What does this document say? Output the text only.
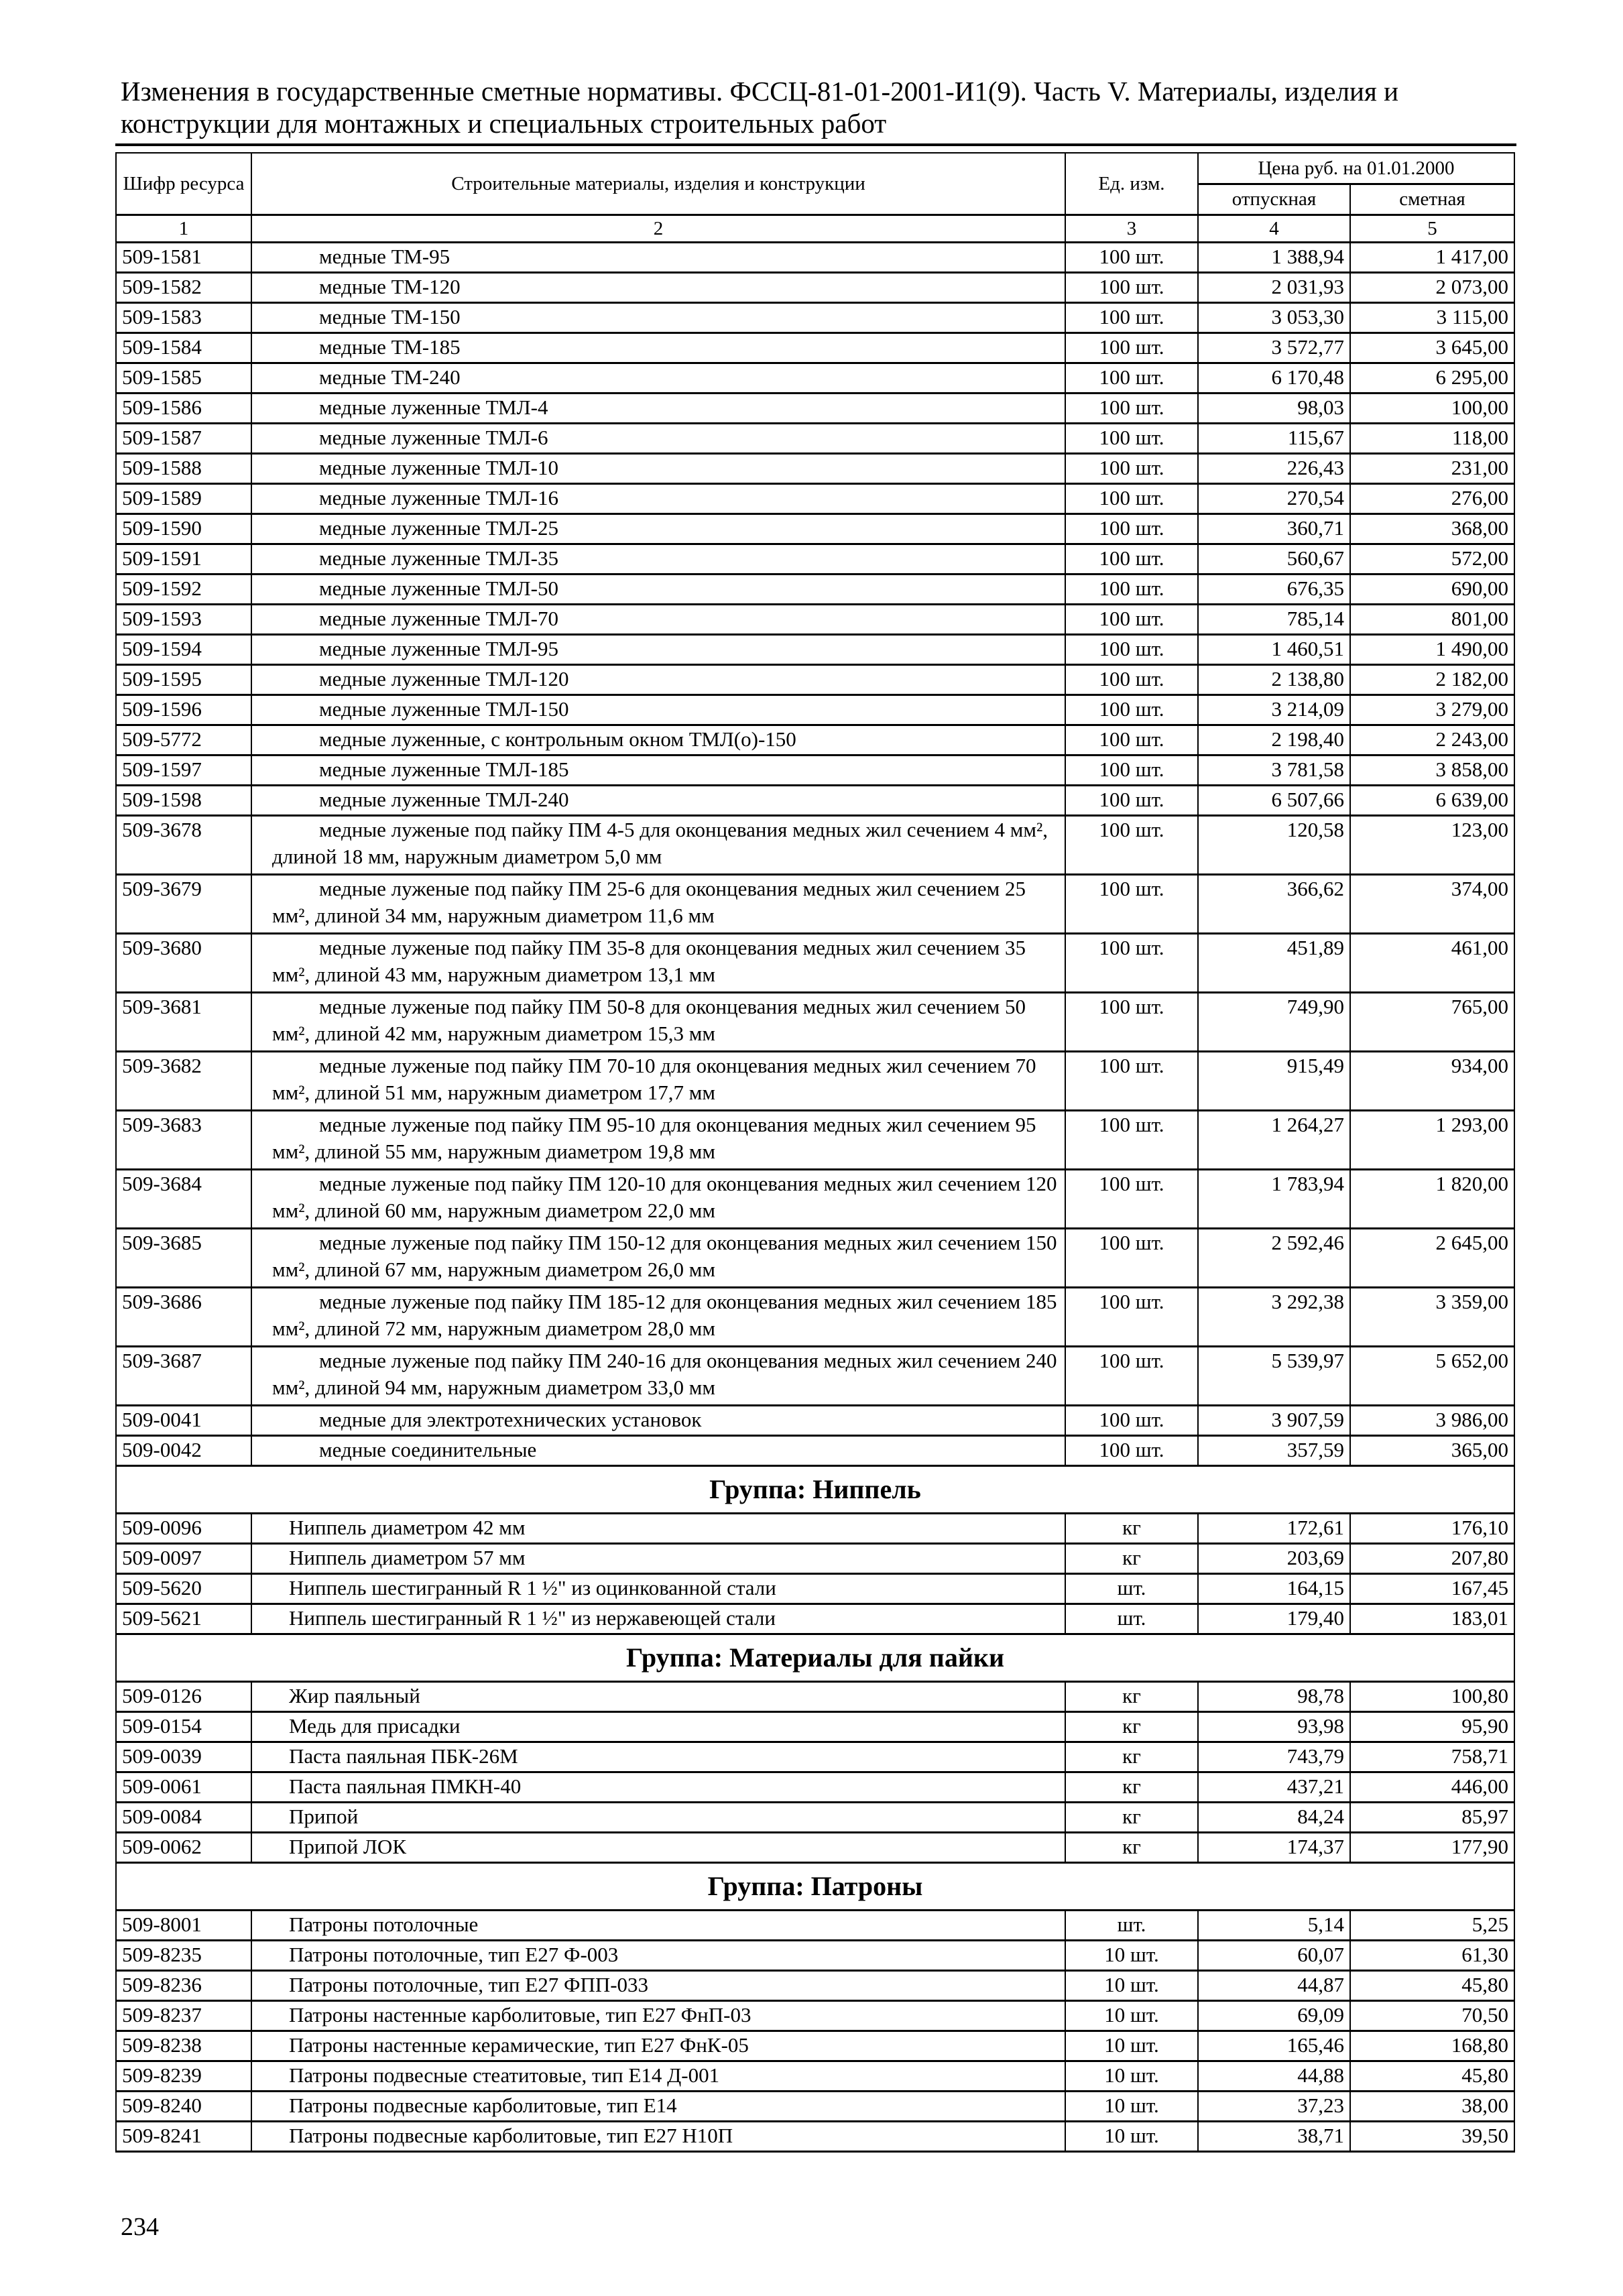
Изменения в государственные сметные нормативы. ФССЦ-81-01-2001-И1(9). Часть V. Материалы, изделия и
конструкции для монтажных и специальных строительных работ
Шифр ресурса	Строительные материалы, изделия и конструкции	Ед. изм.	Цена руб. на 01.01.2000	
			отпускная	сметная
1	2	3	4	5
509-1581	медные ТМ-95	100 шт.	1 388,94	1 417,00
509-1582	медные ТМ-120	100 шт.	2 031,93	2 073,00
509-1583	медные ТМ-150	100 шт.	3 053,30	3 115,00
509-1584	медные ТМ-185	100 шт.	3 572,77	3 645,00
509-1585	медные ТМ-240	100 шт.	6 170,48	6 295,00
509-1586	медные луженные ТМЛ-4	100 шт.	98,03	100,00
509-1587	медные луженные ТМЛ-6	100 шт.	115,67	118,00
509-1588	медные луженные ТМЛ-10	100 шт.	226,43	231,00
509-1589	медные луженные ТМЛ-16	100 шт.	270,54	276,00
509-1590	медные луженные ТМЛ-25	100 шт.	360,71	368,00
509-1591	медные луженные ТМЛ-35	100 шт.	560,67	572,00
509-1592	медные луженные ТМЛ-50	100 шт.	676,35	690,00
509-1593	медные луженные ТМЛ-70	100 шт.	785,14	801,00
509-1594	медные луженные ТМЛ-95	100 шт.	1 460,51	1 490,00
509-1595	медные луженные ТМЛ-120	100 шт.	2 138,80	2 182,00
509-1596	медные луженные ТМЛ-150	100 шт.	3 214,09	3 279,00
509-5772	медные луженные, с контрольным окном ТМЛ(о)-150	100 шт.	2 198,40	2 243,00
509-1597	медные луженные ТМЛ-185	100 шт.	3 781,58	3 858,00
509-1598	медные луженные ТМЛ-240	100 шт.	6 507,66	6 639,00
509-3678	медные луженые под пайку ПМ 4-5 для оконцевания медных жил сечением 4 мм², длиной 18 мм, наружным диаметром 5,0 мм	100 шт.	120,58	123,00
509-3679	медные луженые под пайку ПМ 25-6 для оконцевания медных жил сечением 25 мм², длиной 34 мм, наружным диаметром 11,6 мм	100 шт.	366,62	374,00
509-3680	медные луженые под пайку ПМ 35-8 для оконцевания медных жил сечением 35 мм², длиной 43 мм, наружным диаметром 13,1 мм	100 шт.	451,89	461,00
509-3681	медные луженые под пайку ПМ 50-8 для оконцевания медных жил сечением 50 мм², длиной 42 мм, наружным диаметром 15,3 мм	100 шт.	749,90	765,00
509-3682	медные луженые под пайку ПМ 70-10 для оконцевания медных жил сечением 70 мм², длиной 51 мм, наружным диаметром 17,7 мм	100 шт.	915,49	934,00
509-3683	медные луженые под пайку ПМ 95-10 для оконцевания медных жил сечением 95 мм², длиной 55 мм, наружным диаметром 19,8 мм	100 шт.	1 264,27	1 293,00
509-3684	медные луженые под пайку ПМ 120-10 для оконцевания медных жил сечением 120 мм², длиной 60 мм, наружным диаметром 22,0 мм	100 шт.	1 783,94	1 820,00
509-3685	медные луженые под пайку ПМ 150-12 для оконцевания медных жил сечением 150 мм², длиной 67 мм, наружным диаметром 26,0 мм	100 шт.	2 592,46	2 645,00
509-3686	медные луженые под пайку ПМ 185-12 для оконцевания медных жил сечением 185 мм², длиной 72 мм, наружным диаметром 28,0 мм	100 шт.	3 292,38	3 359,00
509-3687	медные луженые под пайку ПМ 240-16 для оконцевания медных жил сечением 240 мм², длиной 94 мм, наружным диаметром 33,0 мм	100 шт.	5 539,97	5 652,00
509-0041	медные для электротехнических установок	100 шт.	3 907,59	3 986,00
509-0042	медные соединительные	100 шт.	357,59	365,00
Группа: Ниппель				
509-0096	Ниппель диаметром 42 мм	кг	172,61	176,10
509-0097	Ниппель диаметром 57 мм	кг	203,69	207,80
509-5620	Ниппель шестигранный R 1 ½" из оцинкованной стали	шт.	164,15	167,45
509-5621	Ниппель шестигранный R 1 ½" из нержавеющей стали	шт.	179,40	183,01
Группа: Материалы для пайки				
509-0126	Жир паяльный	кг	98,78	100,80
509-0154	Медь для присадки	кг	93,98	95,90
509-0039	Паста паяльная ПБК-26М	кг	743,79	758,71
509-0061	Паста паяльная ПМКН-40	кг	437,21	446,00
509-0084	Припой	кг	84,24	85,97
509-0062	Припой ЛОК	кг	174,37	177,90
Группа: Патроны				
509-8001	Патроны потолочные	шт.	5,14	5,25
509-8235	Патроны потолочные, тип Е27 Ф-003	10 шт.	60,07	61,30
509-8236	Патроны потолочные, тип Е27 ФПП-033	10 шт.	44,87	45,80
509-8237	Патроны настенные карболитовые, тип Е27 ФнП-03	10 шт.	69,09	70,50
509-8238	Патроны настенные керамические, тип Е27 ФнК-05	10 шт.	165,46	168,80
509-8239	Патроны подвесные стеатитовые, тип Е14 Д-001	10 шт.	44,88	45,80
509-8240	Патроны подвесные карболитовые, тип Е14	10 шт.	37,23	38,00
509-8241	Патроны подвесные карболитовые, тип Е27 Н10П	10 шт.	38,71	39,50
234
